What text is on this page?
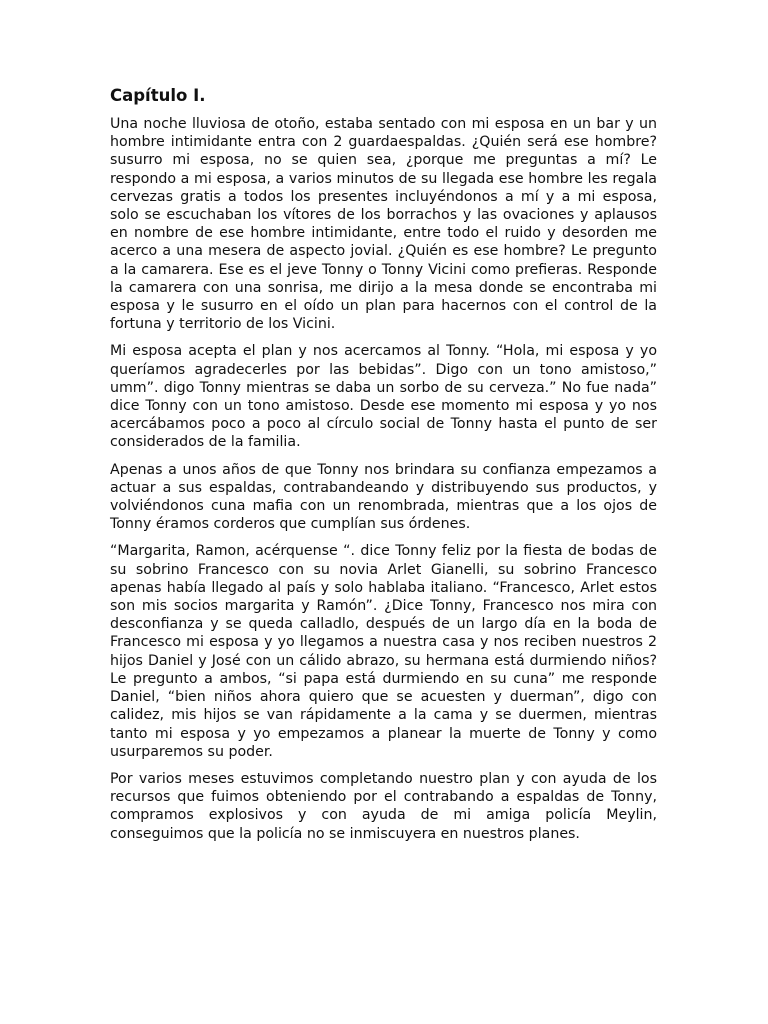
Capítulo I.

Una noche lluviosa de otoño, estaba sentado con mi esposa en un bar y un hombre intimidante entra con 2 guardaespaldas. ¿Quién será ese hombre? susurro mi esposa, no se quien sea, ¿porque me preguntas a mí? Le respondo a mi esposa, a varios minutos de su llegada ese hombre les regala cervezas gratis a todos los presentes incluyéndonos a mí y a mi esposa, solo se escuchaban los vítores de los borrachos y las ovaciones y aplausos en nombre de ese hombre intimidante, entre todo el ruido y desorden me acerco a una mesera de aspecto jovial. ¿Quién es ese hombre? Le pregunto a la camarera. Ese es el jeve Tonny o Tonny Vicini como prefieras. Responde la camarera con una sonrisa, me dirijo a la mesa donde se encontraba mi esposa y le susurro en el oído un plan para hacernos con el control de la fortuna y territorio de los Vicini.

Mi esposa acepta el plan y nos acercamos al Tonny. “Hola, mi esposa y yo queríamos agradecerles por las bebidas”. Digo con un tono amistoso,” umm”. digo Tonny mientras se daba un sorbo de su cerveza.” No fue nada” dice Tonny con un tono amistoso. Desde ese momento mi esposa y yo nos acercábamos poco a poco al círculo social de Tonny hasta el punto de ser considerados de la familia.

Apenas a unos años de que Tonny nos brindara su confianza empezamos a actuar a sus espaldas, contrabandeando y distribuyendo sus productos, y volviéndonos cuna mafia con un renombrada, mientras que a los ojos de Tonny éramos corderos que cumplían sus órdenes.

“Margarita, Ramon, acérquense “. dice Tonny feliz por la fiesta de bodas de su sobrino Francesco con su novia Arlet Gianelli, su sobrino Francesco apenas había llegado al país y solo hablaba italiano. “Francesco, Arlet estos son mis socios margarita y Ramón”. ¿Dice Tonny, Francesco nos mira con desconfianza y se queda calladlo, después de un largo día en la boda de Francesco mi esposa y yo llegamos a nuestra casa y nos reciben nuestros 2 hijos Daniel y José con un cálido abrazo, su hermana está durmiendo niños? Le pregunto a ambos, “si papa está durmiendo en su cuna” me responde Daniel, “bien niños ahora quiero que se acuesten y duerman”, digo con calidez, mis hijos se van rápidamente a la cama y se duermen, mientras tanto mi esposa y yo empezamos a planear la muerte de Tonny y como usurparemos su poder.

Por varios meses estuvimos completando nuestro plan y con ayuda de los recursos que fuimos obteniendo por el contrabando a espaldas de Tonny, compramos explosivos y con ayuda de mi amiga policía Meylin, conseguimos que la policía no se inmiscuyera en nuestros planes.
